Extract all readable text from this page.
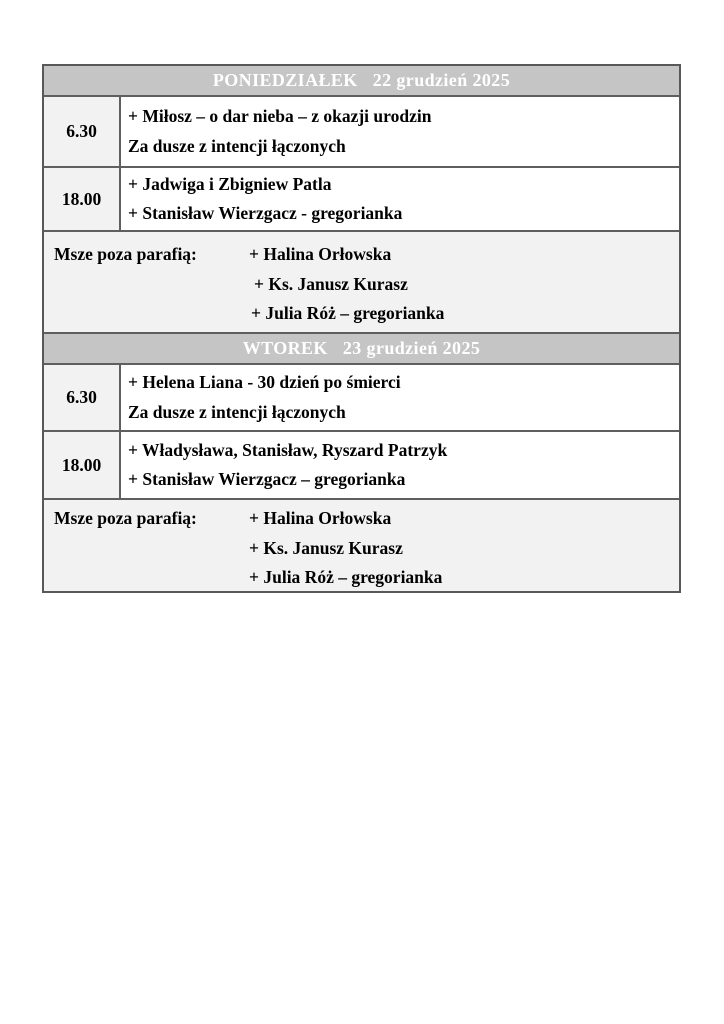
PONIEDZIAŁEK 22 grudzień 2025
6.30
+ Miłosz – o dar nieba – z okazji urodzin
Za dusze z intencji łączonych
18.00
+ Jadwiga i Zbigniew Patla
+ Stanisław Wierzgacz - gregorianka
Msze poza parafią:	+ Halina Orłowska
+ Ks. Janusz Kurasz
+ Julia Róż – gregorianka
WTOREK 23 grudzień 2025
6.30
+ Helena Liana - 30 dzień po śmierci
Za dusze z intencji łączonych
18.00
+ Władysława, Stanisław, Ryszard Patrzyk
+ Stanisław Wierzgacz – gregorianka
Msze poza parafią:	+ Halina Orłowska
+ Ks. Janusz Kurasz
+ Julia Róż – gregorianka
